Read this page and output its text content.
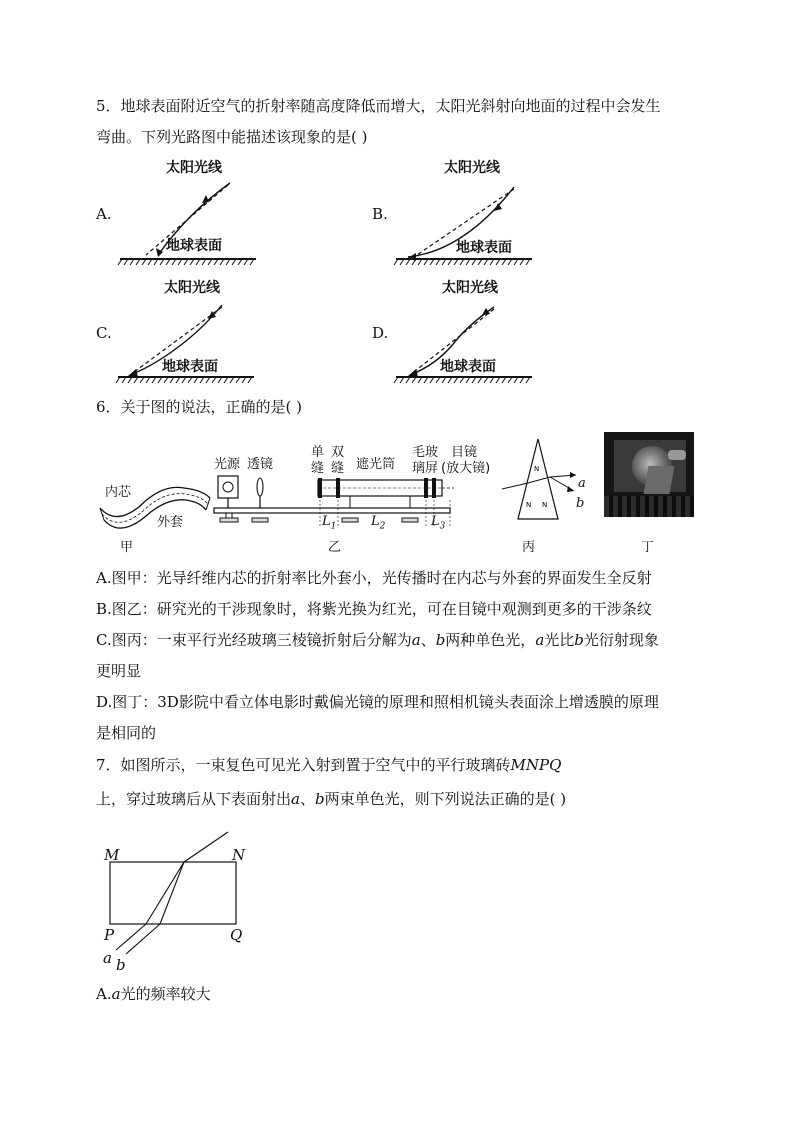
5．地球表面附近空气的折射率随高度降低而增大，太阳光斜射向地面的过程中会发生
弯曲。下列光路图中能描述该现象的是( )
A.
太阳光线
地球表面
B.
太阳光线
地球表面
C.
太阳光线
地球表面
D.
太阳光线
地球表面
6．关于图的说法，正确的是( )
内芯
外套
甲
光源 透镜
单
缝
双
缝 遮光筒
毛玻
璃屏
目镜
(放大镜)
$L_1$	$L_2$	$L_3$
乙
N
N N
a
b
丙	丁
A.图甲：光导纤维内芯的折射率比外套小，光传播时在内芯与外套的界面发生全反射
B.图乙：研究光的干涉现象时，将紫光换为红光，可在目镜中观测到更多的干涉条纹
C.图丙：一束平行光经玻璃三棱镜折射后分解为a、b两种单色光，a光比b光衍射现象
更明显
D.图丁：3D影院中看立体电影时戴偏光镜的原理和照相机镜头表面涂上增透膜的原理
是相同的
7．如图所示，一束复色可见光入射到置于空气中的平行玻璃砖MNPQ
上，穿过玻璃后从下表面射出a、b两束单色光，则下列说法正确的是( )
M	N
P	Q
a b
A.a光的频率较大
